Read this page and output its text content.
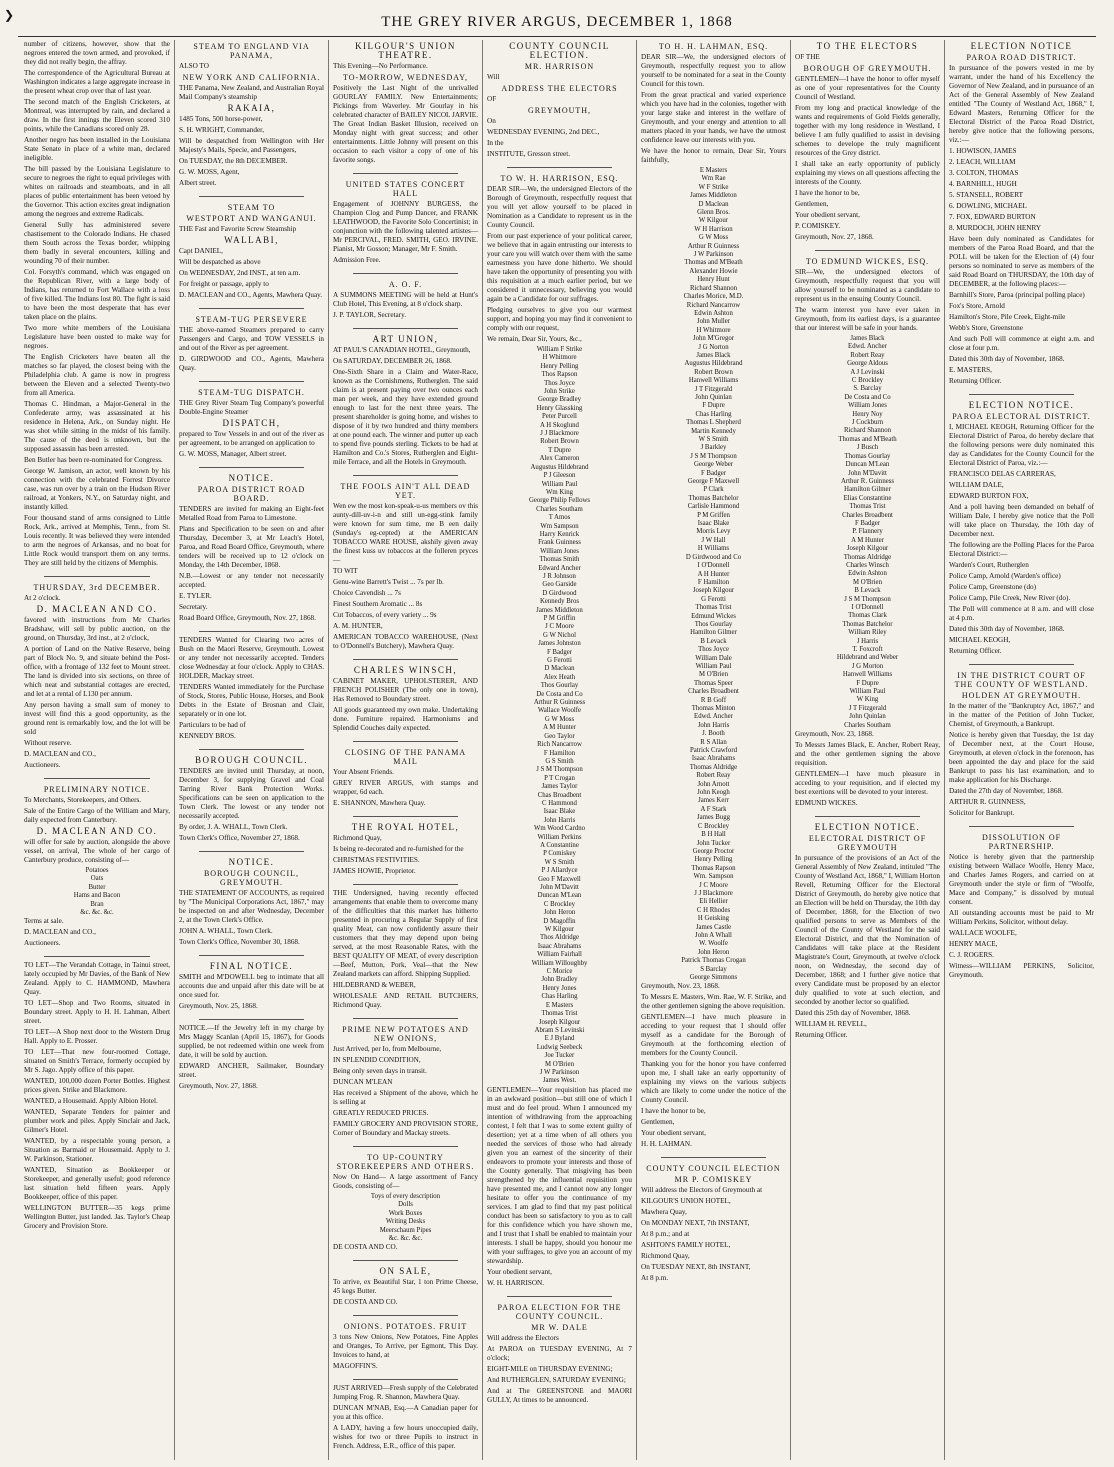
❯	THE GREY RIVER ARGUS, DECEMBER 1, 1868

number of citizens, however, show that the negroes entered the town armed, and provoked, if they did not really begin, the affray.

The correspondence of the Agricultural Bureau at Washington indicates a large aggregate increase in the present wheat crop over that of last year.

The second match of the English Cricketers, at Montreal, was interrupted by rain, and declared a draw. In the first innings the Eleven scored 310 points, while the Canadians scored only 28.

Another negro has been installed in the Louisiana State Senate in place of a white man, declared ineligible.

The bill passed by the Louisiana Legislature to secure to negroes the right to equal privileges with whites on railroads and steamboats, and in all places of public entertainment has been vetoed by the Governor. This action excites great indignation among the negroes and extreme Radicals.

General Sully has administered severe chastisement to the Colorado Indians. He chased them South across the Texas border, whipping them badly in several encounters, killing and wounding 70 of their number.

Col. Forsyth's command, which was engaged on the Republican River, with a large body of Indians, has returned to Fort Wallace with a loss of five killed. The Indians lost 80. The fight is said to have been the most desperate that has ever taken place on the plains.

Two more white members of the Louisiana Legislature have been ousted to make way for negroes.

The English Cricketers have beaten all the matches so far played, the closest being with the Philadelphia club. A game is now in progress between the Eleven and a selected Twenty-two from all America.

Thomas C. Hindman, a Major-General in the Confederate army, was assassinated at his residence in Helena, Ark., on Sunday night. He was shot while sitting in the midst of his family. The cause of the deed is unknown, but the supposed assassin has been arrested.

Ben Butler has been re-nominated for Congress.

George W. Jamison, an actor, well known by his connection with the celebrated Forrest Divorce case, was run over by a train on the Hudson River railroad, at Yonkers, N.Y., on Saturday night, and instantly killed.

Four thousand stand of arms consigned to Little Rock, Ark., arrived at Memphis, Tenn., from St. Louis recently. It was believed they were intended to arm the negroes of Arkansas, and no boat for Little Rock would transport them on any terms. They are still held by the citizens of Memphis.

THURSDAY, 3rd DECEMBER.

At 2 o'clock.

D. MACLEAN AND CO.

favored with instructions from Mr Charles Bradshaw, will sell by public auction, on the ground, on Thursday, 3rd inst., at 2 o'clock,

A portion of Land on the Native Reserve, being part of Block No. 9, and situate behind the Post-office, with a frontage of 132 feet to Mount street. The land is divided into six sections, on three of which neat and substantial cottages are erected, and let at a rental of L130 per annum.

Any person having a small sum of money to invest will find this a good opportunity, as the ground rent is remarkably low, and the lot will be sold

Without reserve.

D. MACLEAN and CO.,

Auctioneers.

PRELIMINARY NOTICE.

To Merchants, Storekeepers, and Others.

Sale of the Entire Cargo of the William and Mary, daily expected from Canterbury.

D. MACLEAN AND CO.

will offer for sale by auction, alongside the above vessel, on arrival, The whole of her cargo of Canterbury produce, consisting of—

Potatoes
Oats
Butter
Hams and Bacon
Bran
&c. &c. &c.

Terms at sale.

D. MACLEAN and CO.,

Auctioneers.

TO LET—The Verandah Cottage, in Tainui street, lately occupied by Mr Davies, of the Bank of New Zealand. Apply to C. HAMMOND, Mawhera Quay.

TO LET—Shop and Two Rooms, situated in Boundary street. Apply to H. H. Lahman, Albert street.

TO LET—A Shop next door to the Western Drug Hall. Apply to E. Prosser.

TO LET—That new four-roomed Cottage, situated on Smith's Terrace, formerly occupied by Mr S. Jago. Apply office of this paper.

WANTED, 100,000 dozen Porter Bottles. Highest prices given. Strike and Blackmore.

WANTED, a Housemaid. Apply Albion Hotel.

WANTED, Separate Tenders for painter and plumber work and piles. Apply Sinclair and Jack, Gilmer's Hotel.

WANTED, by a respectable young person, a Situation as Barmaid or Housemaid. Apply to J. W. Parkinson, Stationer.

WANTED, Situation as Bookkeeper or Storekeeper, and generally useful; good reference last situation held fifteen years. Apply Bookkeeper, office of this paper.

WELLINGTON BUTTER—35 kegs prime Wellington Butter, just landed. Jas. Taylor's Cheap Grocery and Provision Store.

STEAM TO ENGLAND VIA PANAMA,

ALSO TO

NEW YORK AND CALIFORNIA.

THE Panama, New Zealand, and Australian Royal Mail Company's steamship

RAKAIA,

1485 Tons, 500 horse-power,

S. H. WRIGHT, Commander,

Will be despatched from Wellington with Her Majesty's Mails, Specie, and Passengers,

On TUESDAY, the 8th DECEMBER.

G. W. MOSS, Agent,

Albert street.

STEAM TO
WESTPORT AND WANGANUI.

THE Fast and Favorite Screw Steamship

WALLABI,

Capt DANIEL,

Will be despatched as above

On WEDNESDAY, 2nd INST., at ten a.m.

For freight or passage, apply to

D. MACLEAN and CO., Agents, Mawhera Quay.

STEAM-TUG PERSEVERE

THE above-named Steamers prepared to carry Passengers and Cargo, and TOW VESSELS in and out of the River as per agreement.

D. GIRDWOOD and CO., Agents, Mawhera Quay.

STEAM-TUG DISPATCH.

THE Grey River Steam Tug Company's powerful Double-Engine Steamer

DISPATCH,

prepared to Tow Vessels in and out of the river as per agreement, to be arranged on application to

G. W. MOSS, Manager, Albert street.

NOTICE.
PAROA DISTRICT ROAD BOARD.

TENDERS are invited for making an Eight-feet Metalled Road from Paroa to Limestone.

Plans and Specification to be seen on and after Thursday, December 3, at Mr Leach's Hotel, Paroa, and Road Board Office, Greymouth, where tenders will be received up to 12 o'clock on Monday, the 14th December, 1868.

N.B.—Lowest or any tender not necessarily accepted.

E. TYLER.

Secretary.

Road Board Office, Greymouth, Nov. 27, 1868.

TENDERS Wanted for Clearing two acres of Bush on the Maori Reserve, Greymouth. Lowest or any tender not necessarily accepted. Tenders close Wednesday at four o'clock. Apply to CHAS. HOLDER, Mackay street.

TENDERS Wanted immediately for the Purchase of Stock, Stores, Public House, Horses, and Book Debts in the Estate of Brosnan and Clair, separately or in one lot.

Particulars to be had of

KENNEDY BROS.

BOROUGH COUNCIL.

TENDERS are invited until Thursday, at noon, December 3, for supplying Gravel and Coal Tarring River Bank Protection Works. Specifications can be seen on application to the Town Clerk. The lowest or any tender not necessarily accepted.

By order, J. A. WHALL, Town Clerk.

Town Clerk's Office, November 27, 1868.

NOTICE.
BOROUGH COUNCIL, GREYMOUTH.

THE STATEMENT OF ACCOUNTS, as required by "The Municipal Corporations Act, 1867," may be inspected on and after Wednesday, December 2, at the Town Clerk's Office.

JOHN A. WHALL, Town Clerk.

Town Clerk's Office, November 30, 1868.

FINAL NOTICE.

SMITH and M'DOWELL beg to intimate that all accounts due and unpaid after this date will be at once sued for.

Greymouth, Nov. 25, 1868.

NOTICE.—If the Jewelry left in my charge by Mrs Maggy Scanlan (April 15, 1867), for Goods supplied, be not redeemed within one week from date, it will be sold by auction.

EDWARD ANCHER, Sailmaker, Boundary street.

Greymouth, Nov. 27, 1868.

KILGOUR'S UNION THEATRE.

This Evening—No Performance.

TO-MORROW, WEDNESDAY,

Positively the Last Night of the unrivalled GOURLAY FAMILY. New Entertainments; Pickings from Waverley. Mr Gourlay in his celebrated character of BAILEY NICOL JARVIE. The Great Indian Basket Illusion, received on Monday night with great success; and other entertainments. Little Johnny will present on this occasion to each visitor a copy of one of his favorite songs.

UNITED STATES CONCERT HALL

Engagement of JOHNNY BURGESS, the Champion Clog and Pump Dancer, and FRANK LEATHWOOD, the Favorite Solo Concertinist; in conjunction with the following talented artistes—Mr PERCIVAL, FRED. SMITH, GEO. IRVINE. Pianist, Mr Gosson; Manager, Mr F. Smith.

Admission Free.

A. O. F.

A SUMMONS MEETING will be held at Hunt's Club Hotel, This Evening, at 8 o'clock sharp.

J. P. TAYLOR, Secretary.

ART UNION,

AT PAUL'S CANADIAN HOTEL, Greymouth,

On SATURDAY, DECEMBER 26, 1868.

One-Sixth Share in a Claim and Water-Race, known as the Cornishmens, Rutherglen. The said claim is at present paying over two ounces each man per week, and they have extended ground enough to last for the next three years. The present shareholder is going home, and wishes to dispose of it by two hundred and thirty members at one pound each. The winner and putter up each to spend five pounds sterling. Tickets to be had at Hamilton and Co.'s Stores, Rutherglen and Eight-mile Terrace, and all the Hotels in Greymouth.

THE FOOLS AIN'T ALL DEAD YET.

Wen ew the most kon-speak-u-us members ov this aunty-dill-uv-i-n and still un-egg-stink family were known for sum time, me B een daily (Sunday's eg-cepted) at the AMERICAN TOBACCO WARE HOUSE, akshily given away the finest kuss uv tobaccos at the folleren pryces—

TO WIT

Genu-wine Barrett's Twist ... 7s per lb.

Choice Cavendish ... 7s

Finest Southern Aromatic ... 8s

Cut Tobaccos, of every variety ... 9s

A. M. HUNTER,

AMERICAN TOBACCO WAREHOUSE, (Next to O'Donnell's Butchery), Mawhera Quay.

CHARLES WINSCH,

CABINET MAKER, UPHOLSTERER, AND FRENCH POLISHER (The only one in town), Has Removed to Boundary street.

All goods guaranteed my own make. Undertaking done. Furniture repaired. Harmoniums and Splendid Couches daily expected.

CLOSING OF THE PANAMA MAIL

Your Absent Friends.

GREY RIVER ARGUS, with stamps and wrapper, 6d each.

E. SHANNON, Mawhera Quay.

THE ROYAL HOTEL,

Richmond Quay,

Is being re-decorated and re-furnished for the

CHRISTMAS FESTIVITIES.

JAMES HOWIE, Proprietor.

THE Undersigned, having recently effected arrangements that enable them to overcome many of the difficulties that this market has hitherto presented in procuring a Regular Supply of first quality Meat, can now confidently assure their customers that they may depend upon being served, at the most Reasonable Rates, with the BEST QUALITY OF MEAT, of every description—Beef, Mutton, Pork, Veal—that the New Zealand markets can afford. Shipping Supplied.

HILDEBRAND & WEBER,

WHOLESALE AND RETAIL BUTCHERS, Richmond Quay.

PRIME NEW POTATOES AND NEW ONIONS,

Just Arrived, per Io, from Melbourne,

IN SPLENDID CONDITION,

Being only seven days in transit.

DUNCAN M'LEAN

Has received a Shipment of the above, which he is selling at

GREATLY REDUCED PRICES.

FAMILY GROCERY AND PROVISION STORE, Corner of Boundary and Mackay streets.

TO UP-COUNTRY STOREKEEPERS AND OTHERS.

Now On Hand— A large assortment of Fancy Goods, consisting of—

Toys of every description
Dolls
Work Boxes
Writing Desks
Meerschaum Pipes
&c. &c. &c.

DE COSTA AND CO.

ON SALE,

To arrive, ex Beautiful Star, 1 ton Prime Cheese, 45 kegs Butter.

DE COSTA AND CO.

ONIONS. POTATOES. FRUIT

3 tons New Onions, New Potatoes, Fine Apples and Oranges, To Arrive, per Egmont, This Day. Invoices to hand, at

MAGOFFIN'S.

JUST ARRIVED—Fresh supply of the Celebrated Jumping Frog. R. Shannon, Mawhera Quay.

DUNCAN M'NAB, Esq.—A Canadian paper for you at this office.

A LADY, having a few hours unoccupied daily, wishes for two or three Pupils to instruct in French. Address, E.R., office of this paper.

COUNTY COUNCIL ELECTION.
MR. HARRISON

Will

ADDRESS THE ELECTORS

OF

GREYMOUTH,

On

WEDNESDAY EVENING, 2nd DEC.,

In the

INSTITUTE, Gresson street.

TO W. H. HARRISON, ESQ.

DEAR SIR—We, the undersigned Electors of the Borough of Greymouth, respectfully request that you will yet allow yourself to be placed in Nomination as a Candidate to represent us in the County Council.

From our past experience of your political career, we believe that in again entrusting our interests to your care you will watch over them with the same earnestness you have done hitherto. We should have taken the opportunity of presenting you with this requisition at a much earlier period, but we considered it unnecessary, believing you would again be a Candidate for our suffrages.

Pledging ourselves to give you our warmest support, and hoping you may find it convenient to comply with our request,

We remain, Dear Sir, Yours, &c.,

William F Strike
H Whitmore
Henry Pelling
Thos Rapson
Thos Joyce
John Strike
George Bradley
Henry Glassking
Peter Purcell
A H Skoglund
J J Blackmore
Robert Brown
T Dupre
Alex Cameron
Augustus Hildebrand
P J Gleeson
William Paul
Wm King
George Philip Fellows
Charles Southam
T Amos
Wm Sampson
Harry Kenrick
Frank Guinness
William Jones
Thomas Smith
Edward Ancher
J R Johnson
Geo Garside
D Girdwood
Kennedy Bros
James Middleton
P M Griffin
J C Moore
G W Nichol
James Johnston
F Badger
G Ferotti
D Maclean
Alex Heath
Thos Gourlay
De Costa and Co
Arthur R Guinness
Wallace Woolfe
G W Moss
A M Hunter
Geo Taylor
Rich Nancarrow
F Hamilton
G S Smith
J S M Thompson
P T Crogan
James Taylor
Chas Broadbent
C Hammond
Isaac Blake
John Harris
Wm Wood Cardno
William Perkins
A Constantine
P Comiskey
W S Smith
P J Allardyce
Geo F Maxwell
John M'Davitt
Duncan M'Lean
C Brockley
John Heron
D Magoffin
W Kilgour
Thos Aldridge
Isaac Abrahams
William Fairhall
William Willoughby
C Morice
John Bradley
Henry Jones
Chas Harling
E Masters
Thomas Trist
Joseph Kilgour
Abram S Levinski
E J Byland
Ludwig Seebeck
Joe Tucker
M O'Brien
J W Parkinson
James West.

GENTLEMEN—Your requisition has placed me in an awkward position—but still one of which I must and do feel proud. When I announced my intention of withdrawing from the approaching contest, I felt that I was to some extent guilty of desertion; yet at a time when of all others you needed the services of those who had already given you an earnest of the sincerity of their endeavors to promote your interests and those of the County generally. That misgiving has been strengthened by the influential requisition you have presented me, and I cannot now any longer hesitate to offer you the continuance of my services. I am glad to find that my past political conduct has been so satisfactory to you as to call for this confidence which you have shown me, and I trust that I shall be enabled to maintain your interests. I shall be happy, should you honour me with your suffrages, to give you an account of my stewardship.

Your obedient servant,

W. H. HARRISON.

PAROA ELECTION FOR THE COUNTY COUNCIL.
MR W. DALE

Will address the Electors

At PAROA on TUESDAY EVENING, At 7 o'clock;

EIGHT-MILE on THURSDAY EVENING;

And RUTHERGLEN, SATURDAY EVENING;

And at The GREENSTONE and MAORI GULLY, At times to be announced.

TO H. H. LAHMAN, ESQ.

DEAR SIR—We, the undersigned electors of Greymouth, respectfully request you to allow yourself to be nominated for a seat in the County Council for this town.

From the great practical and varied experience which you have had in the colonies, together with your large stake and interest in the welfare of Greymouth, and your energy and attention to all matters placed in your hands, we have the utmost confidence leave our interests with you.

We have the honor to remain, Dear Sir, Yours faithfully,

E Masters
Wm Rae
W F Strike
James Middleton
D Maclean
Glenn Bros.
W Kilgour
W H Harrison
G W Moss
Arthur R Guinness
J W Parkinson
Thomas and M'Beath
Alexander Howie
Henry Hunt
Richard Shannon
Charles Morice, M.D.
Richard Nancarrow
Edwin Ashton
John Muller
H Whitmore
John M'Gregor
J G Norton
James Black
Augustus Hildebrand
Robert Brown
Hanwell Williams
J T Fitzgerald
John Quinlan
F Dupre
Chas Harling
Thomas L Shepherd
Martin Kennedy
W S Smith
J Barkley
J S M Thompson
George Weber
F Badger
George F Maxwell
P Clark
Thomas Batchelor
Carlisle Hammond
P M Griffen
Isaac Blake
Morris Levy
J W Hall
H Williams
D Girdwood and Co
I O'Donnell
A H Hunter
F Hamilton
Joseph Kilgour
G Ferotti
Thomas Trist
Edmund Wickes
Thos Gourlay
Hamilton Gilmer
B Levack
Thos Joyce
William Dale
William Paul
M O'Brien
Thomas Speer
Charles Broadbent
R B Goff
Thomas Minton
Edwd. Ancher
John Harris
J. Booth
R S Allan
Patrick Crawford
Isaac Abrahams
Thomas Aldridge
Robert Reay
John Arnott
John Keogh
James Kerr
A F Stark
James Bugg
C Brockley
B H Hall
John Tucker
George Proctor
Henry Pelling
Thomas Rapson
Wm. Sampson
J C Moore
J J Blackmore
Eli Hellier
C H Rhodes
H Geisking
James Castle
John A Whall
W. Woolfe
John Heron
Patrick Thomas Crogan
S Barclay
George Simmons

Greymouth, Nov. 23, 1868.

To Messrs E. Masters, Wm. Rae, W. F. Strike, and the other gentlemen signing the above requisition.

GENTLEMEN—I have much pleasure in acceding to your request that I should offer myself as a candidate for the Borough of Greymouth at the forthcoming election of members for the County Council.

Thanking you for the honor you have conferred upon me, I shall take an early opportunity of explaining my views on the various subjects which are likely to come under the notice of the County Council.

I have the honor to be,

Gentlemen,

Your obedient servant,

H. H. LAHMAN.

COUNTY COUNCIL ELECTION
MR P. COMISKEY

Will address the Electors of Greymouth at

KILGOUR'S UNION HOTEL,

Mawhera Quay,

On MONDAY NEXT, 7th INSTANT,

At 8 p.m.; and at

ASHTON'S FAMILY HOTEL,

Richmond Quay,

On TUESDAY NEXT, 8th INSTANT,

At 8 p.m.

TO THE ELECTORS

OF THE

BOROUGH OF GREYMOUTH.

GENTLEMEN—I have the honor to offer myself as one of your representatives for the County Council of Westland.

From my long and practical knowledge of the wants and requirements of Gold Fields generally, together with my long residence in Westland, I believe I am fully qualified to assist in devising schemes to develope the truly magnificent resources of the Grey district.

I shall take an early opportunity of publicly explaining my views on all questions affecting the interests of the County.

I have the honor to be,

Gentlemen,

Your obedient servant,

P. COMISKEY.

Greymouth, Nov. 27, 1868.

TO EDMUND WICKES, ESQ.

SIR—We, the undersigned electors of Greymouth, respectfully request that you will allow yourself to be nominated as a candidate to represent us in the ensuing County Council.

The warm interest you have ever taken in Greymouth, from its earliest days, is a guarantee that our interest will be safe in your hands.

James Black
Edwd. Ancher
Robert Reay
George Aldous
A J Levinski
C Brockley
S. Barclay
De Costa and Co
William Jones
Henry Noy
J Cockburn
Richard Shannon
Thomas and M'Beath
J Busch
Thomas Gourlay
Duncan M'Lean
John M'Davitt
Arthur R. Guinness
Hamilton Gilmer
Elias Constantine
Thomas Trist
Charles Broadbent
F Badger
P. Flannery
A M Hunter
Joseph Kilgour
Thomas Aldridge
Charles Winsch
Edwin Ashton
M O'Brien
B Levack
J S M Thompson
I O'Donnell
Thomas Clark
Thomas Batchelor
William Riley
J Harris
T. Foxcroft
Hildebrand and Weber
J G Morton
Hanwell Williams
F Dupre
William Paul
W King
J T Fitzgerald
John Quinlan
Charles Southam

Greymouth, Nov. 23, 1868.

To Messrs James Black, E. Ancher, Robert Reay, and the other gentlemen signing the above requisition.

GENTLEMEN—I have much pleasure in acceding to your requisition, and if elected my best exertions will be devoted to your interest.

EDMUND WICKES.

ELECTION NOTICE.
ELECTORAL DISTRICT OF GREYMOUTH

In pursuance of the provisions of an Act of the General Assembly of New Zealand, intituled "The County of Westland Act, 1868," I, William Horton Revell, Returning Officer for the Electoral District of Greymouth, do hereby give notice that an Election will be held on Thursday, the 10th day of December, 1868, for the Election of two qualified persons to serve as Members of the Council of the County of Westland for the said Electoral District, and that the Nomination of Candidates will take place at the Resident Magistrate's Court, Greymouth, at twelve o'clock noon, on Wednesday, the second day of December, 1868; and I further give notice that every Candidate must be proposed by an elector duly qualified to vote at such election, and seconded by another lector so qualified.

Dated this 25th day of November, 1868.

WILLIAM H. REVELL,

Returning Officer.

ELECTION NOTICE
PAROA ROAD DISTRICT.

In pursuance of the powers vested in me by warrant, under the hand of his Excellency the Governor of New Zealand, and in pursuance of an Act of the General Assembly of New Zealand entitled "The County of Westland Act, 1868," I, Edward Masters, Returning Officer for the Electoral District of the Paroa Road District, hereby give notice that the following persons, viz.:—

1. HOWISON, JAMES

2. LEACH, WILLIAM

3. COLTON, THOMAS

4. BARNHILL, HUGH

5. STANSELL, ROBERT

6. DOWLING, MICHAEL

7. FOX, EDWARD BURTON

8. MURDOCH, JOHN HENRY

Have been duly nominated as Candidates for members of the Paroa Road Board, and that the POLL will be taken for the Election of (4) four persons so nominated to serve as members of the said Road Board on THURSDAY, the 10th day of DECEMBER, at the following places:—

Barnhill's Store, Paroa (principal polling place)

Fox's Store, Arnold

Hamilton's Store, Pile Creek, Eight-mile

Webb's Store, Greenstone

And such Poll will commence at eight a.m. and close at four p.m.

Dated this 30th day of November, 1868.

E. MASTERS,

Returning Officer.

ELECTION NOTICE.
PAROA ELECTORAL DISTRICT.

I, MICHAEL KEOGH, Returning Officer for the Electoral District of Paroa, do hereby declare that the following persons were duly nominated this day as Candidates for the County Council for the Electoral District of Paroa, viz.:—

FRANCISCO DELAS CARRERAS,

WILLIAM DALE,

EDWARD BURTON FOX,

And a poll having been demanded on behalf of William Dale, I hereby give notice that the Poll will take place on Thursday, the 10th day of December next.

The following are the Polling Places for the Paroa Electoral District:—

Warden's Court, Rutherglen

Police Camp, Arnold (Warden's office)

Police Camp, Greenstone (do)

Police Camp, Pile Creek, New River (do).

The Poll will commence at 8 a.m. and will close at 4 p.m.

Dated this 30th day of November, 1868.

MICHAEL KEOGH,

Returning Officer.

IN THE DISTRICT COURT OF THE COUNTY OF WESTLAND.
HOLDEN AT GREYMOUTH.

In the matter of the "Bankruptcy Act, 1867," and in the matter of the Petition of John Tucker, Chemist, of Greymouth, a Bankrupt.

Notice is hereby given that Tuesday, the 1st day of December next, at the Court House, Greymouth, at eleven o'clock in the forenoon, has been appointed the day and place for the said Bankrupt to pass his last examination, and to make application for his Discharge.

Dated the 27th day of November, 1868.

ARTHUR R. GUINNESS,

Solicitor for Bankrupt.

DISSOLUTION OF PARTNERSHIP.

Notice is hereby given that the partnership existing between Wallace Woolfe, Henry Mace, and Charles James Rogers, and carried on at Greymouth under the style or firm of "Woolfe, Mace and Company," is dissolved by mutual consent.

All outstanding accounts must be paid to Mr William Perkins, Solicitor, without delay.

WALLACE WOOLFE,

HENRY MACE,

C. J. ROGERS.

Witness—WILLIAM PERKINS, Solicitor, Greymouth.
